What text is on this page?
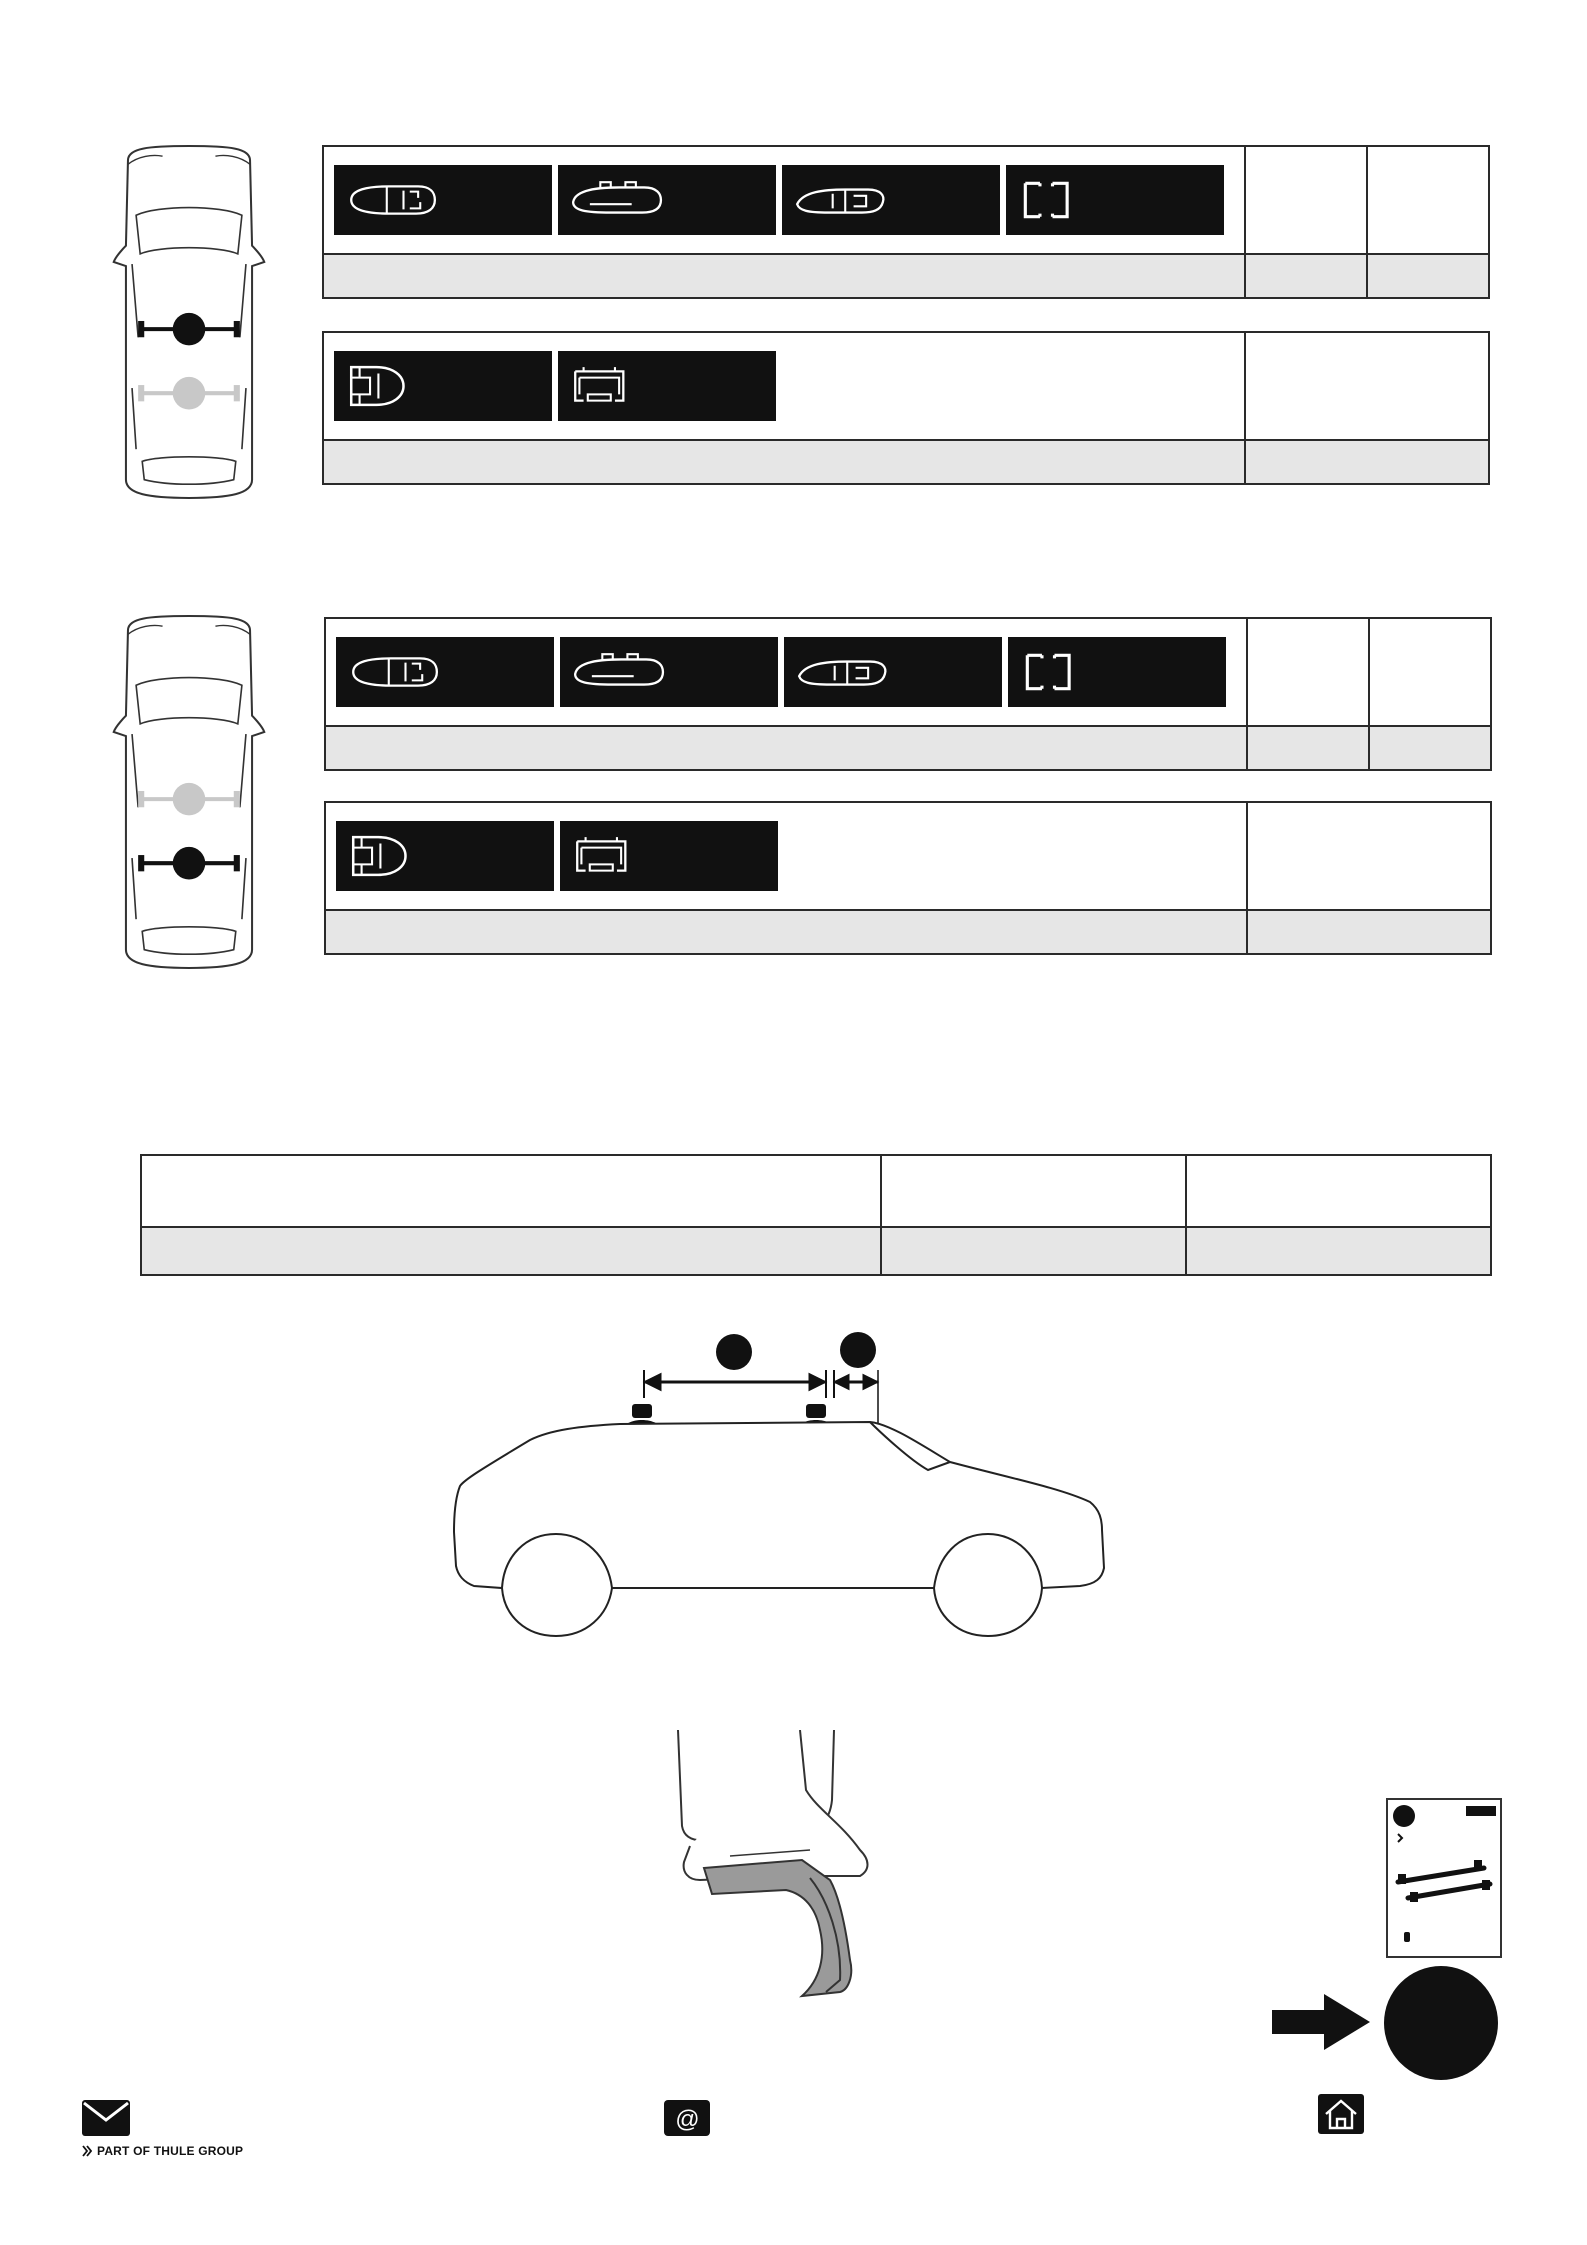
PART OF THULE GROUP
@
